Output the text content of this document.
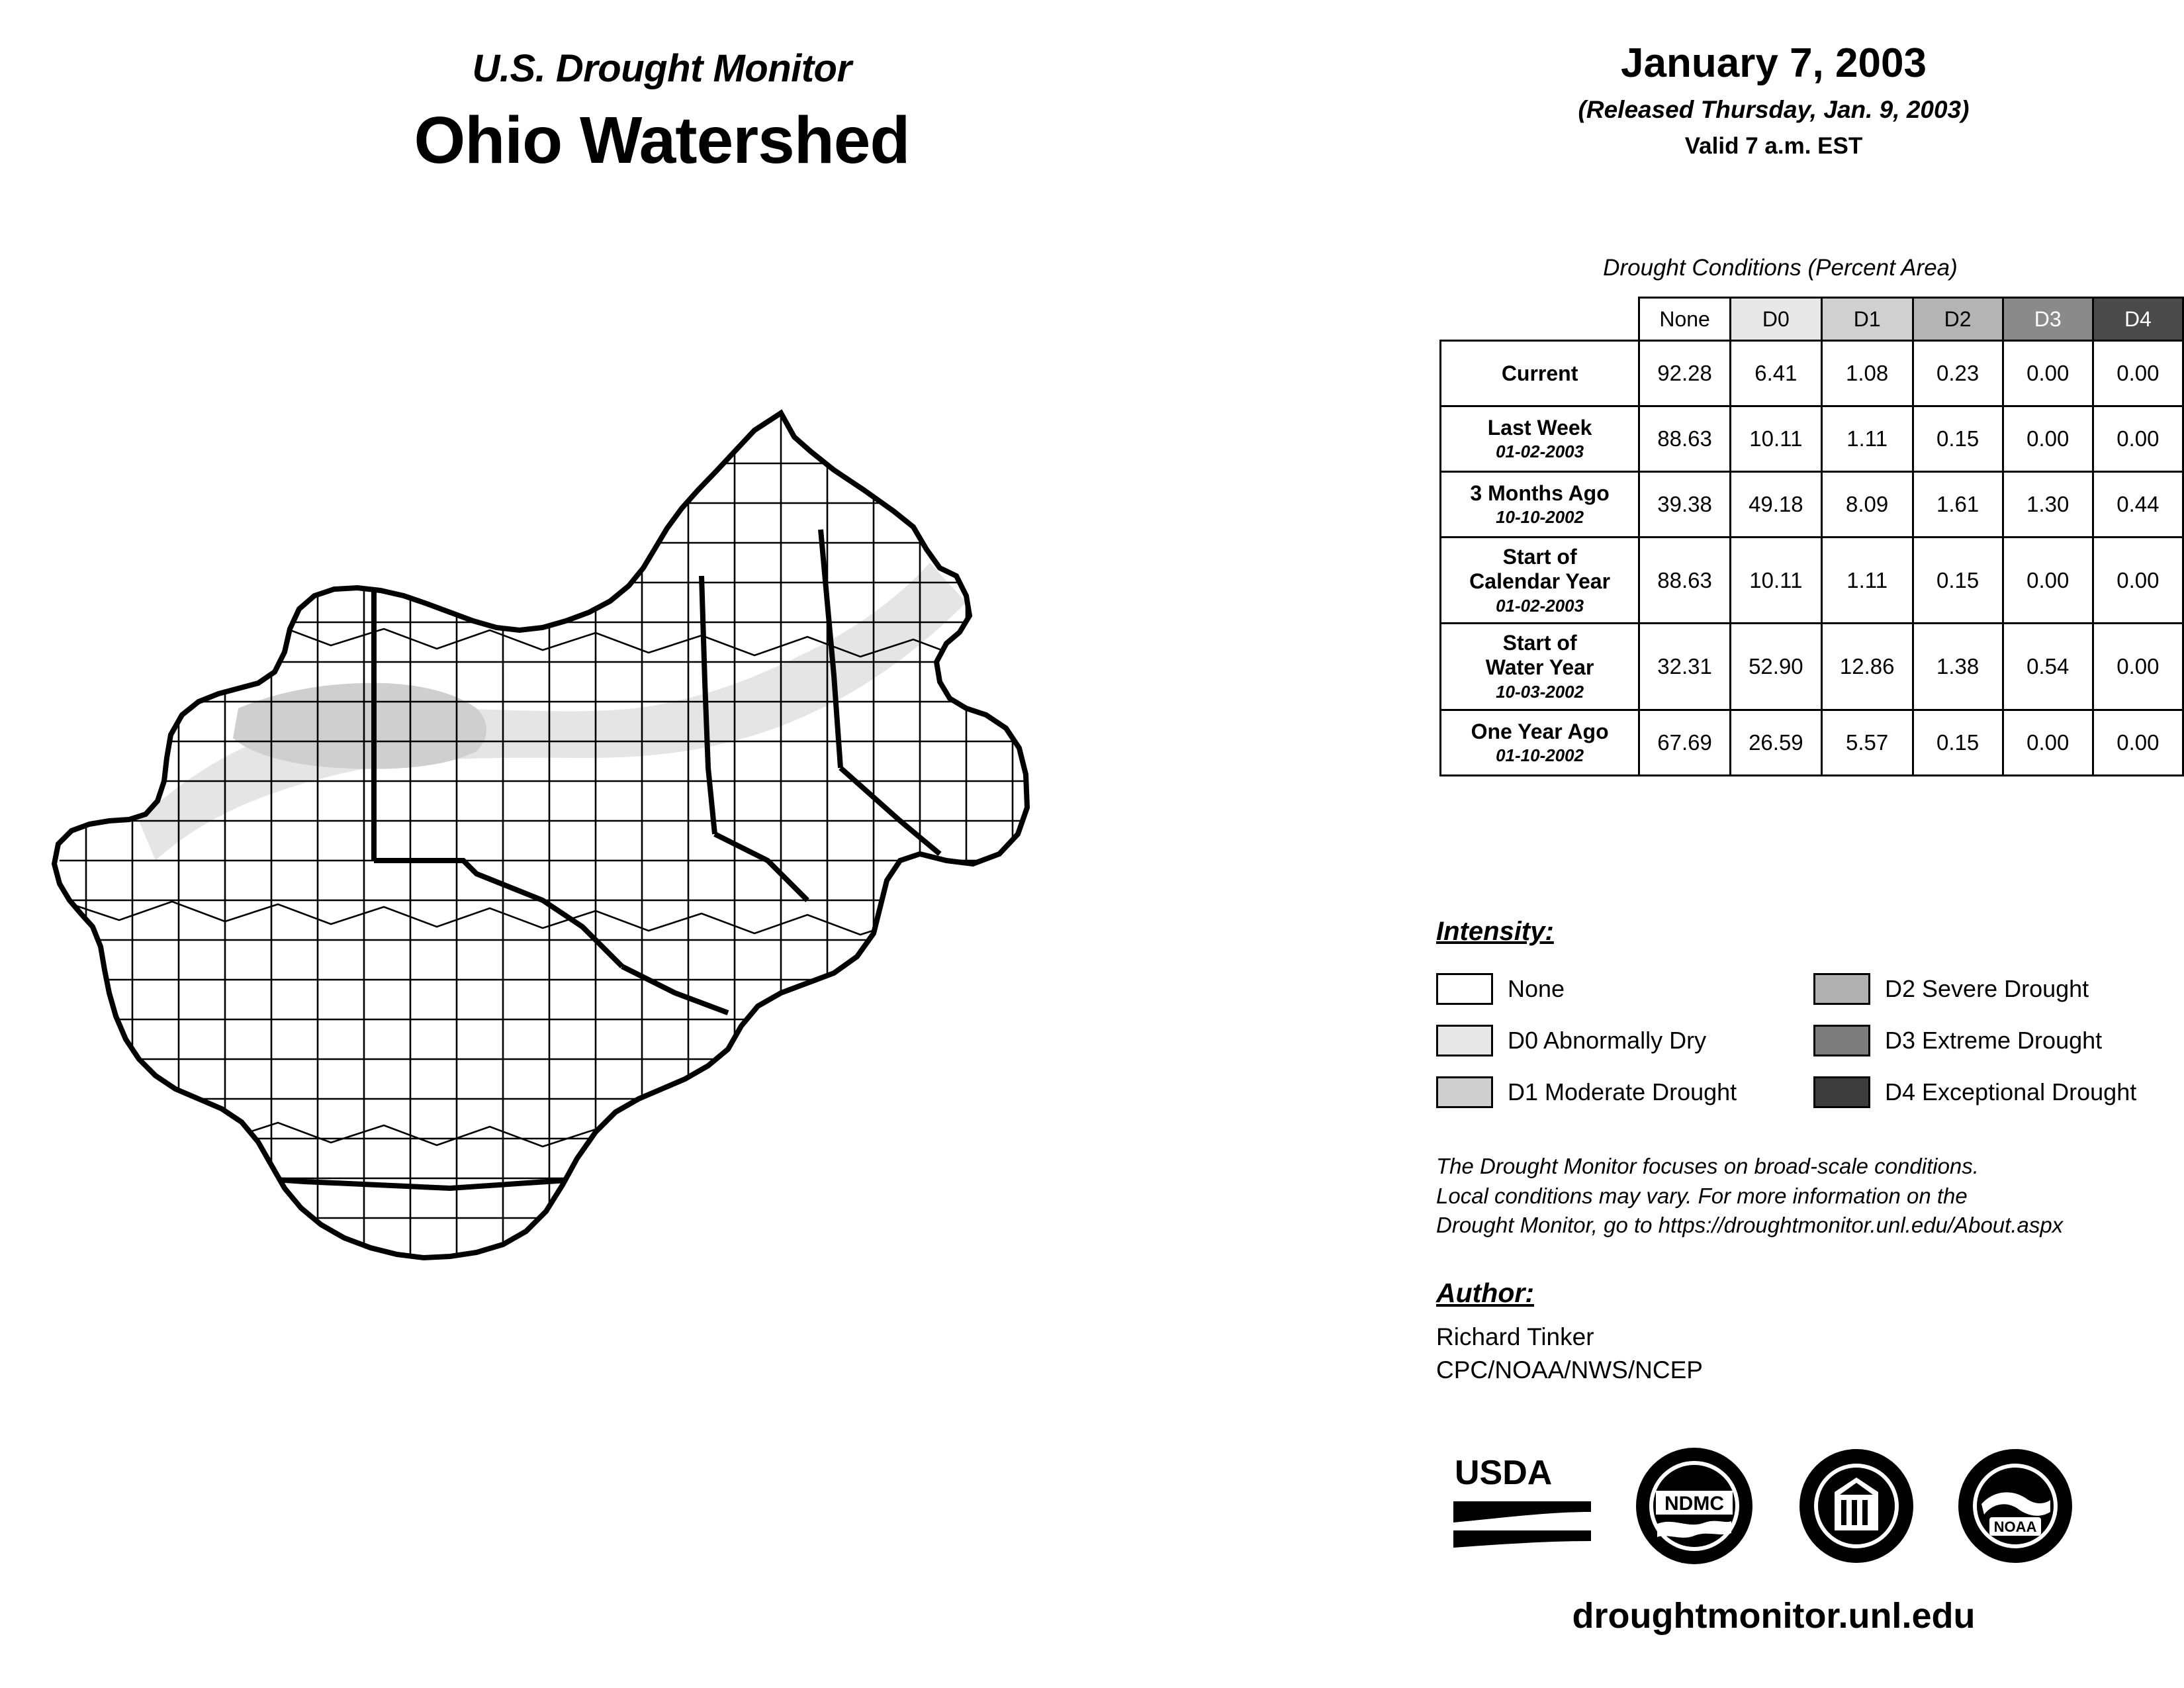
U.S. Drought Monitor
Ohio Watershed
January 7, 2003
(Released Thursday, Jan. 9, 2003)
Valid 7 a.m. EST
Drought Conditions (Percent Area)
	None	D0	D1	D2	D3	D4
Current	92.28	6.41	1.08	0.23	0.00	0.00
Last Week
01-02-2003	88.63	10.11	1.11	0.15	0.00	0.00
3 Months Ago
10-10-2002	39.38	49.18	8.09	1.61	1.30	0.44
Start of
Calendar Year
01-02-2003	88.63	10.11	1.11	0.15	0.00	0.00
Start of
Water Year
10-03-2002	32.31	52.90	12.86	1.38	0.54	0.00
One Year Ago
01-10-2002	67.69	26.59	5.57	0.15	0.00	0.00
Intensity:
None
D0 Abnormally Dry
D1 Moderate Drought
D2 Severe Drought
D3 Extreme Drought
D4 Exceptional Drought
The Drought Monitor focuses on broad-scale conditions.
Local conditions may vary. For more information on the
Drought Monitor, go to https://droughtmonitor.unl.edu/About.aspx
Author:
Richard Tinker
CPC/NOAA/NWS/NCEP
USDA
NDMC
NOAA
droughtmonitor.unl.edu
